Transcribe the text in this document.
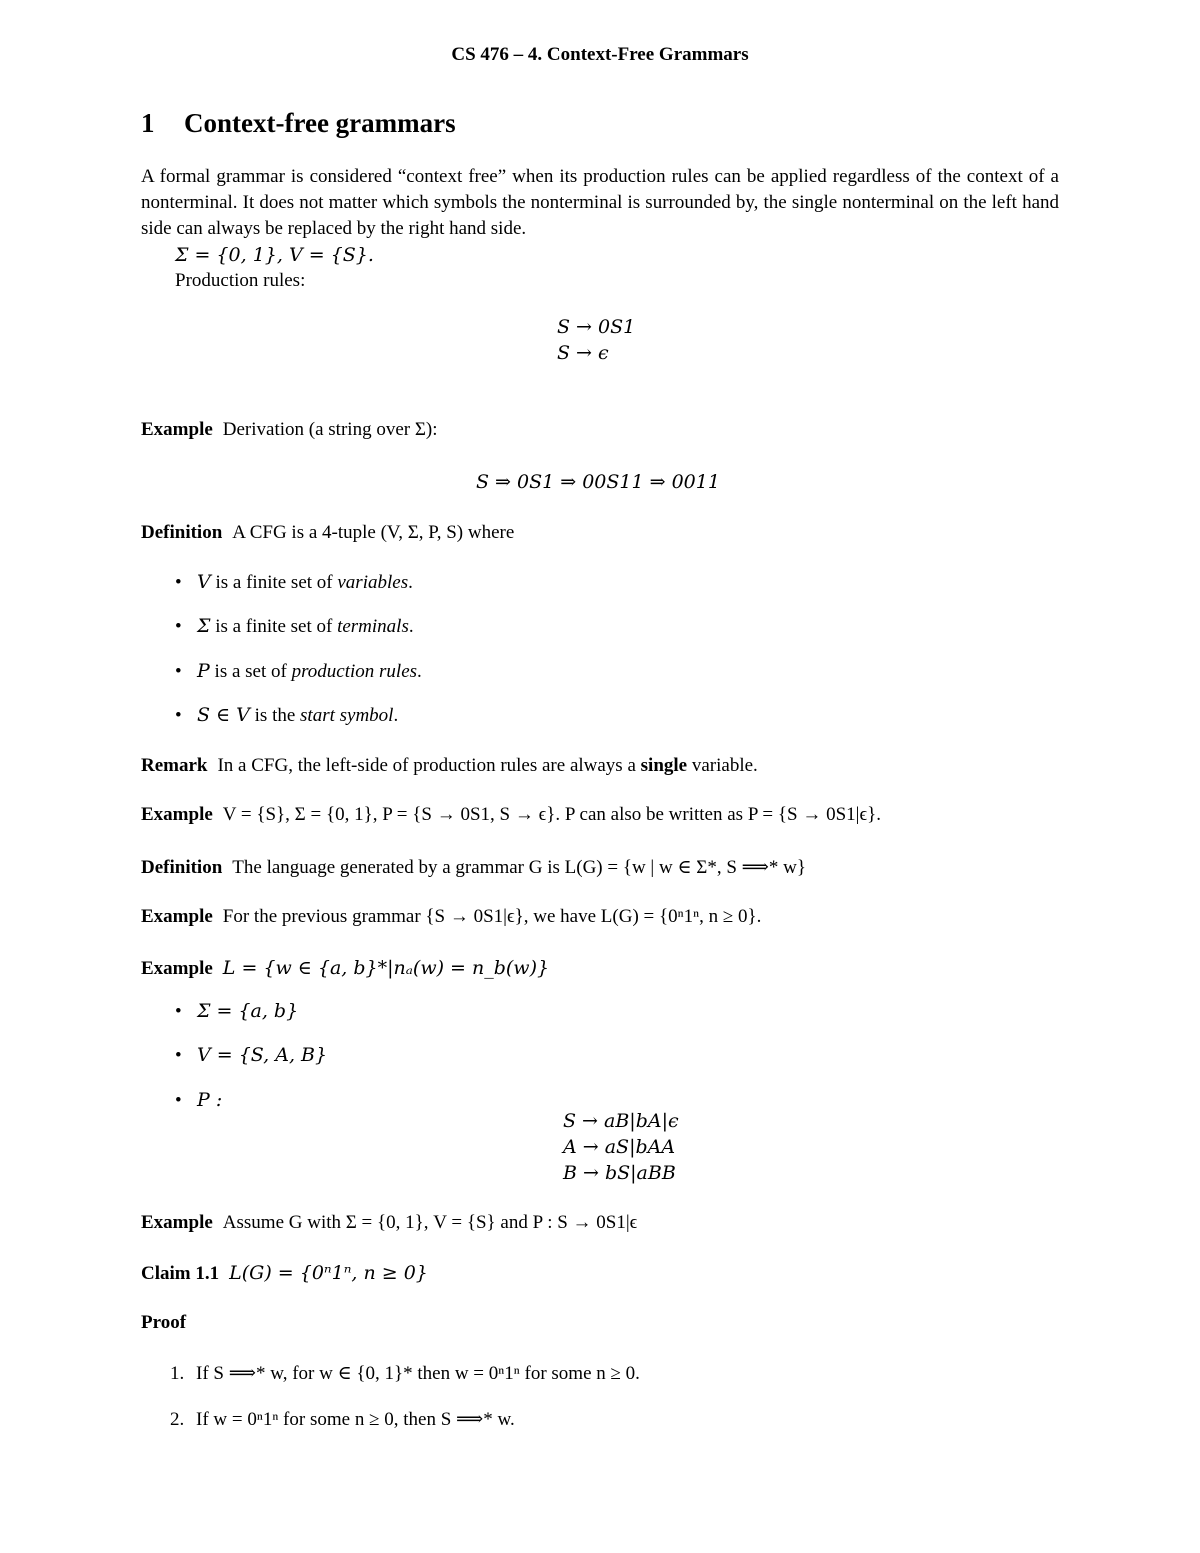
CS 476 – 4. Context-Free Grammars
1 Context-free grammars
A formal grammar is considered “context free” when its production rules can be applied regardless of the context of a nonterminal. It does not matter which symbols the nonterminal is surrounded by, the single nonterminal on the left hand side can always be replaced by the right hand side.
Σ = {0, 1}, V = {S}.
Production rules:
S → 0S1
S → ϵ
Example Derivation (a string over Σ):
S ⇒ 0S1 ⇒ 00S11 ⇒ 0011
Definition A CFG is a 4-tuple (V, Σ, P, S) where
• V is a finite set of variables.
• Σ is a finite set of terminals.
• P is a set of production rules.
• S ∈ V is the start symbol.
Remark In a CFG, the left-side of production rules are always a single variable.
Example V = {S}, Σ = {0, 1}, P = {S → 0S1, S → ϵ}. P can also be written as P = {S → 0S1|ϵ}.
Definition The language generated by a grammar G is L(G) = {w | w ∈ Σ*, S ⟹* w}
Example For the previous grammar {S → 0S1|ϵ}, we have L(G) = {0ⁿ1ⁿ, n ≥ 0}.
Example L = {w ∈ {a, b}*|nₐ(w) = n_b(w)}
• Σ = {a, b}
• V = {S, A, B}
• P :
S → aB|bA|ϵ
A → aS|bAA
B → bS|aBB
Example Assume G with Σ = {0, 1}, V = {S} and P : S → 0S1|ϵ
Claim 1.1 L(G) = {0ⁿ1ⁿ, n ≥ 0}
Proof
1. If S ⟹* w, for w ∈ {0, 1}* then w = 0ⁿ1ⁿ for some n ≥ 0.
2. If w = 0ⁿ1ⁿ for some n ≥ 0, then S ⟹* w.
